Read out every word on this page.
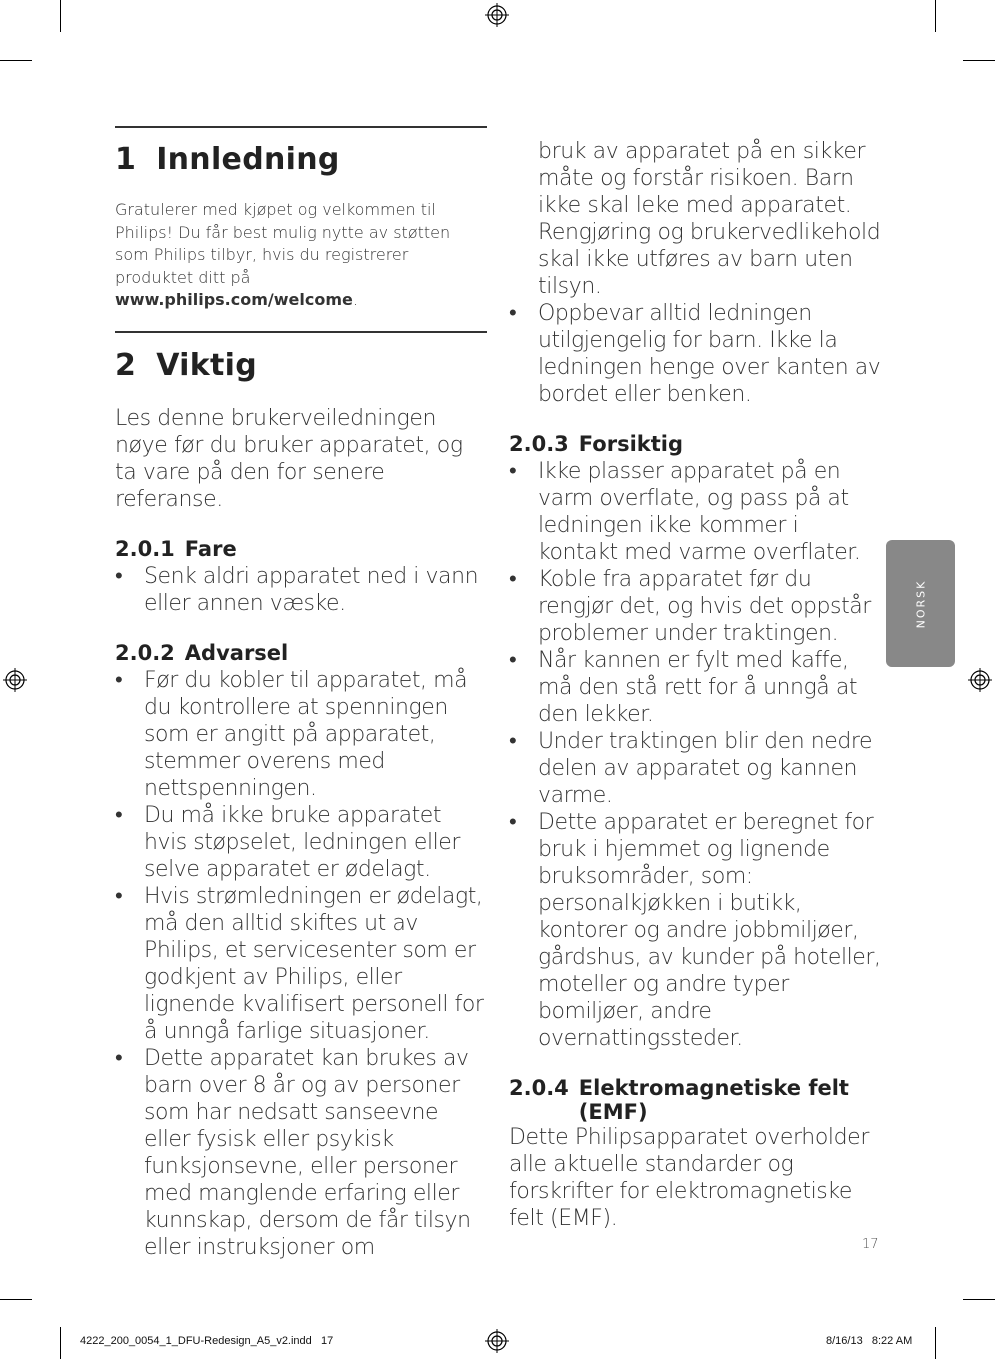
1 Innledning

Gratulerer med kjøpet og velkommen til Philips! Du får best mulig nytte av støtten som Philips tilbyr, hvis du registrerer produktet ditt på www.philips.com/welcome.

2 Viktig

Les denne brukerveiledningen nøye før du bruker apparatet, og ta vare på den for senere referanse.

2.0.1 Fare
• Senk aldri apparatet ned i vann eller annen væske.
2.0.2 Advarsel
• Før du kobler til apparatet, må du kontrollere at spenningen som er angitt på apparatet, stemmer overens med nettspenningen.
• Du må ikke bruke apparatet hvis støpselet, ledningen eller selve apparatet er ødelagt.
• Hvis strømledningen er ødelagt, må den alltid skiftes ut av Philips, et servicesenter som er godkjent av Philips, eller lignende kvalifisert personell for å unngå farlige situasjoner.
• Dette apparatet kan brukes av barn over 8 år og av personer som har nedsatt sanseevne eller fysisk eller psykisk funksjonsevne, eller personer med manglende erfaring eller kunnskap, dersom de får tilsyn eller instruksjoner om

bruk av apparatet på en sikker måte og forstår risikoen. Barn ikke skal leke med apparatet. Rengjøring og brukervedlikehold skal ikke utføres av barn uten tilsyn.

• Oppbevar alltid ledningen utilgjengelig for barn. Ikke la ledningen henge over kanten av bordet eller benken.
2.0.3 Forsiktig
• Ikke plasser apparatet på en varm overflate, og pass på at ledningen ikke kommer i kontakt med varme overflater.
• Koble fra apparatet før du rengjør det, og hvis det oppstår problemer under traktingen.
• Når kannen er fylt med kaffe, må den stå rett for å unngå at den lekker.
• Under traktingen blir den nedre delen av apparatet og kannen varme.
• Dette apparatet er beregnet for bruk i hjemmet og lignende bruksområder, som: personalkjøkken i butikk, kontorer og andre jobbmiljøer, gårdshus, av kunder på hoteller, moteller og andre typer bomiljøer, andre overnattingssteder.
2.0.4 Elektromagnetiske felt
(EMF)

Dette Philipsapparatet overholder alle aktuelle standarder og forskrifter for elektromagnetiske felt (EMF).

NORSK
17
4222_200_0054_1_DFU-Redesign_A5_v2.indd   17	8/16/13   8:22 AM
